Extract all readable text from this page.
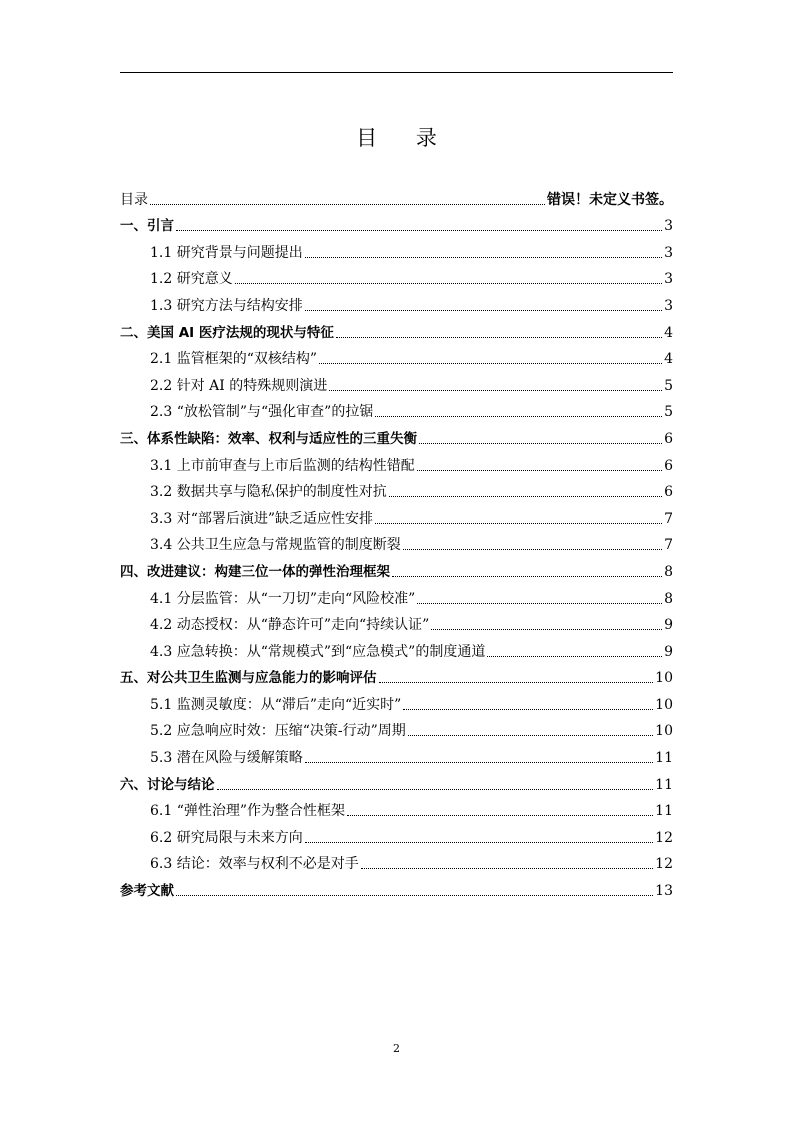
目 录
目录	错误！未定义书签。
一、引言	3
1.1 研究背景与问题提出	3
1.2 研究意义	3
1.3 研究方法与结构安排	3
二、美国 AI 医疗法规的现状与特征	4
2.1 监管框架的“双核结构”	4
2.2 针对 AI 的特殊规则演进	5
2.3 “放松管制”与“强化审查”的拉锯	5
三、体系性缺陷：效率、权利与适应性的三重失衡	6
3.1 上市前审查与上市后监测的结构性错配	6
3.2 数据共享与隐私保护的制度性对抗	6
3.3 对“部署后演进”缺乏适应性安排	7
3.4 公共卫生应急与常规监管的制度断裂	7
四、改进建议：构建三位一体的弹性治理框架	8
4.1 分层监管：从“一刀切”走向“风险校准”	8
4.2 动态授权：从“静态许可”走向“持续认证”	9
4.3 应急转换：从“常规模式”到“应急模式”的制度通道	9
五、对公共卫生监测与应急能力的影响评估	10
5.1 监测灵敏度：从“滞后”走向“近实时”	10
5.2 应急响应时效：压缩“决策-行动”周期	10
5.3 潜在风险与缓解策略	11
六、讨论与结论	11
6.1 “弹性治理”作为整合性框架	11
6.2 研究局限与未来方向	12
6.3 结论：效率与权利不必是对手	12
参考文献	13
2
